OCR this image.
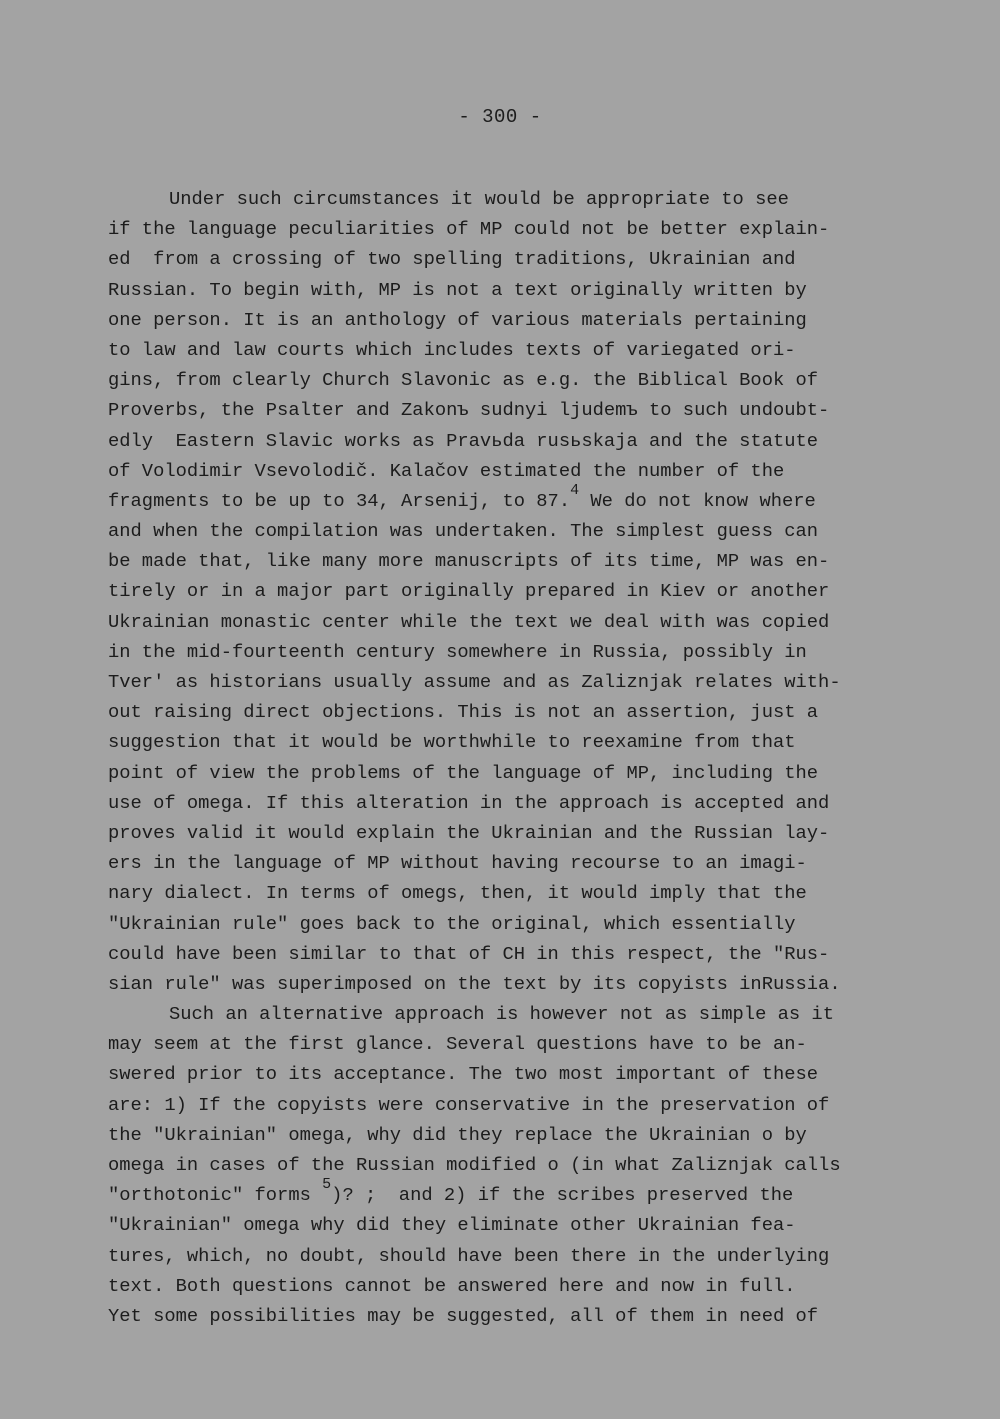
- 300 -
Under such circumstances it would be appropriate to see
if the language peculiarities of MP could not be better explain-
ed  from a crossing of two spelling traditions, Ukrainian and
Russian. To begin with, MP is not a text originally written by
one person. It is an anthology of various materials pertaining
to law and law courts which includes texts of variegated ori-
gins, from clearly Church Slavonic as e.g. the Biblical Book of
Proverbs, the Psalter and Zakonъ sudnyi ljudemъ to such undoubt-
edly  Eastern Slavic works as Pravьda rusьskaja and the statute
of Volodimir Vsevolodič. Kalačov estimated the number of the
fragments to be up to 34, Arsenij, to 87.$^4$ We do not know where
and when the compilation was undertaken. The simplest guess can
be made that, like many more manuscripts of its time, MP was en-
tirely or in a major part originally prepared in Kiev or another
Ukrainian monastic center while the text we deal with was copied
in the mid-fourteenth century somewhere in Russia, possibly in
Tver' as historians usually assume and as Zaliznjak relates with-
out raising direct objections. This is not an assertion, just a
suggestion that it would be worthwhile to reexamine from that
point of view the problems of the language of MP, including the
use of omega. If this alteration in the approach is accepted and
proves valid it would explain the Ukrainian and the Russian lay-
ers in the language of MP without having recourse to an imagi-
nary dialect. In terms of omegs, then, it would imply that the
"Ukrainian rule" goes back to the original, which essentially
could have been similar to that of CH in this respect, the "Rus-
sian rule" was superimposed on the text by its copyists inRussia.
Such an alternative approach is however not as simple as it
may seem at the first glance. Several questions have to be an-
swered prior to its acceptance. The two most important of these
are: 1) If the copyists were conservative in the preservation of
the "Ukrainian" omega, why did they replace the Ukrainian o by
omega in cases of the Russian modified o (in what Zaliznjak calls
"orthotonic" forms $^5$)? ;  and 2) if the scribes preserved the
"Ukrainian" omega why did they eliminate other Ukrainian fea-
tures, which, no doubt, should have been there in the underlying
text. Both questions cannot be answered here and now in full.
Yet some possibilities may be suggested, all of them in need of
